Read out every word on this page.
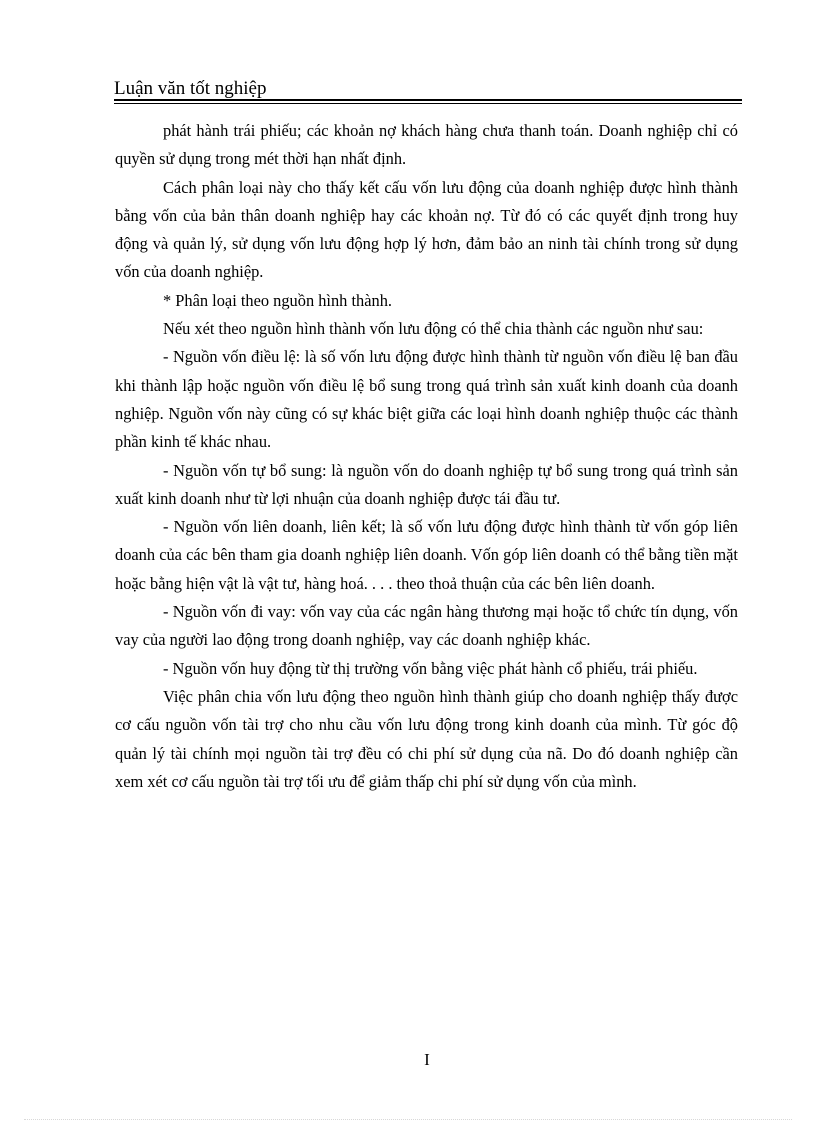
Luận văn tốt nghiệp

phát hành trái phiếu; các khoản nợ khách hàng chưa thanh toán. Doanh nghiệp chỉ có quyền sử dụng trong mét thời hạn nhất định.

Cách phân loại này cho thấy kết cấu vốn lưu động của doanh nghiệp được hình thành bằng vốn của bản thân doanh nghiệp hay các khoản nợ. Từ đó có các quyết định trong huy động và quản lý, sử dụng vốn lưu động hợp lý hơn, đảm bảo an ninh tài chính trong sử dụng vốn của doanh nghiệp.

* Phân loại theo nguồn hình thành.

Nếu xét theo nguồn hình thành vốn lưu động có thể chia thành các nguồn như sau:

- Nguồn vốn điều lệ: là số vốn lưu động được hình thành từ nguồn vốn điều lệ ban đầu khi thành lập hoặc nguồn vốn điều lệ bổ sung trong quá trình sản xuất kinh doanh của doanh nghiệp. Nguồn vốn này cũng có sự khác biệt giữa các loại hình doanh nghiệp thuộc các thành phần kinh tế khác nhau.

- Nguồn vốn tự bổ sung: là nguồn vốn do doanh nghiệp tự bổ sung trong quá trình sản xuất kinh doanh như từ lợi nhuận của doanh nghiệp được tái đầu tư.

- Nguồn vốn liên doanh, liên kết; là số vốn lưu động được hình thành từ vốn góp liên doanh của các bên tham gia doanh nghiệp liên doanh. Vốn góp liên doanh có thể bằng tiền mặt hoặc bằng hiện vật là vật tư, hàng hoá. . . . theo thoả thuận của các bên liên doanh.

- Nguồn vốn đi vay: vốn vay của các ngân hàng thương mại hoặc tổ chức tín dụng, vốn vay của người lao động trong doanh nghiệp, vay các doanh nghiệp khác.

- Nguồn vốn huy động từ thị trường vốn bằng việc phát hành cổ phiếu, trái phiếu.

Việc phân chia vốn lưu động theo nguồn hình thành giúp cho doanh nghiệp thấy được cơ cấu nguồn vốn tài trợ cho nhu cầu vốn lưu động trong kinh doanh của mình. Từ góc độ quản lý tài chính mọi nguồn tài trợ đều có chi phí sử dụng của nã. Do đó doanh nghiệp cần xem xét cơ cấu nguồn tài trợ tối ưu để giảm thấp chi phí sử dụng vốn của mình.

I
